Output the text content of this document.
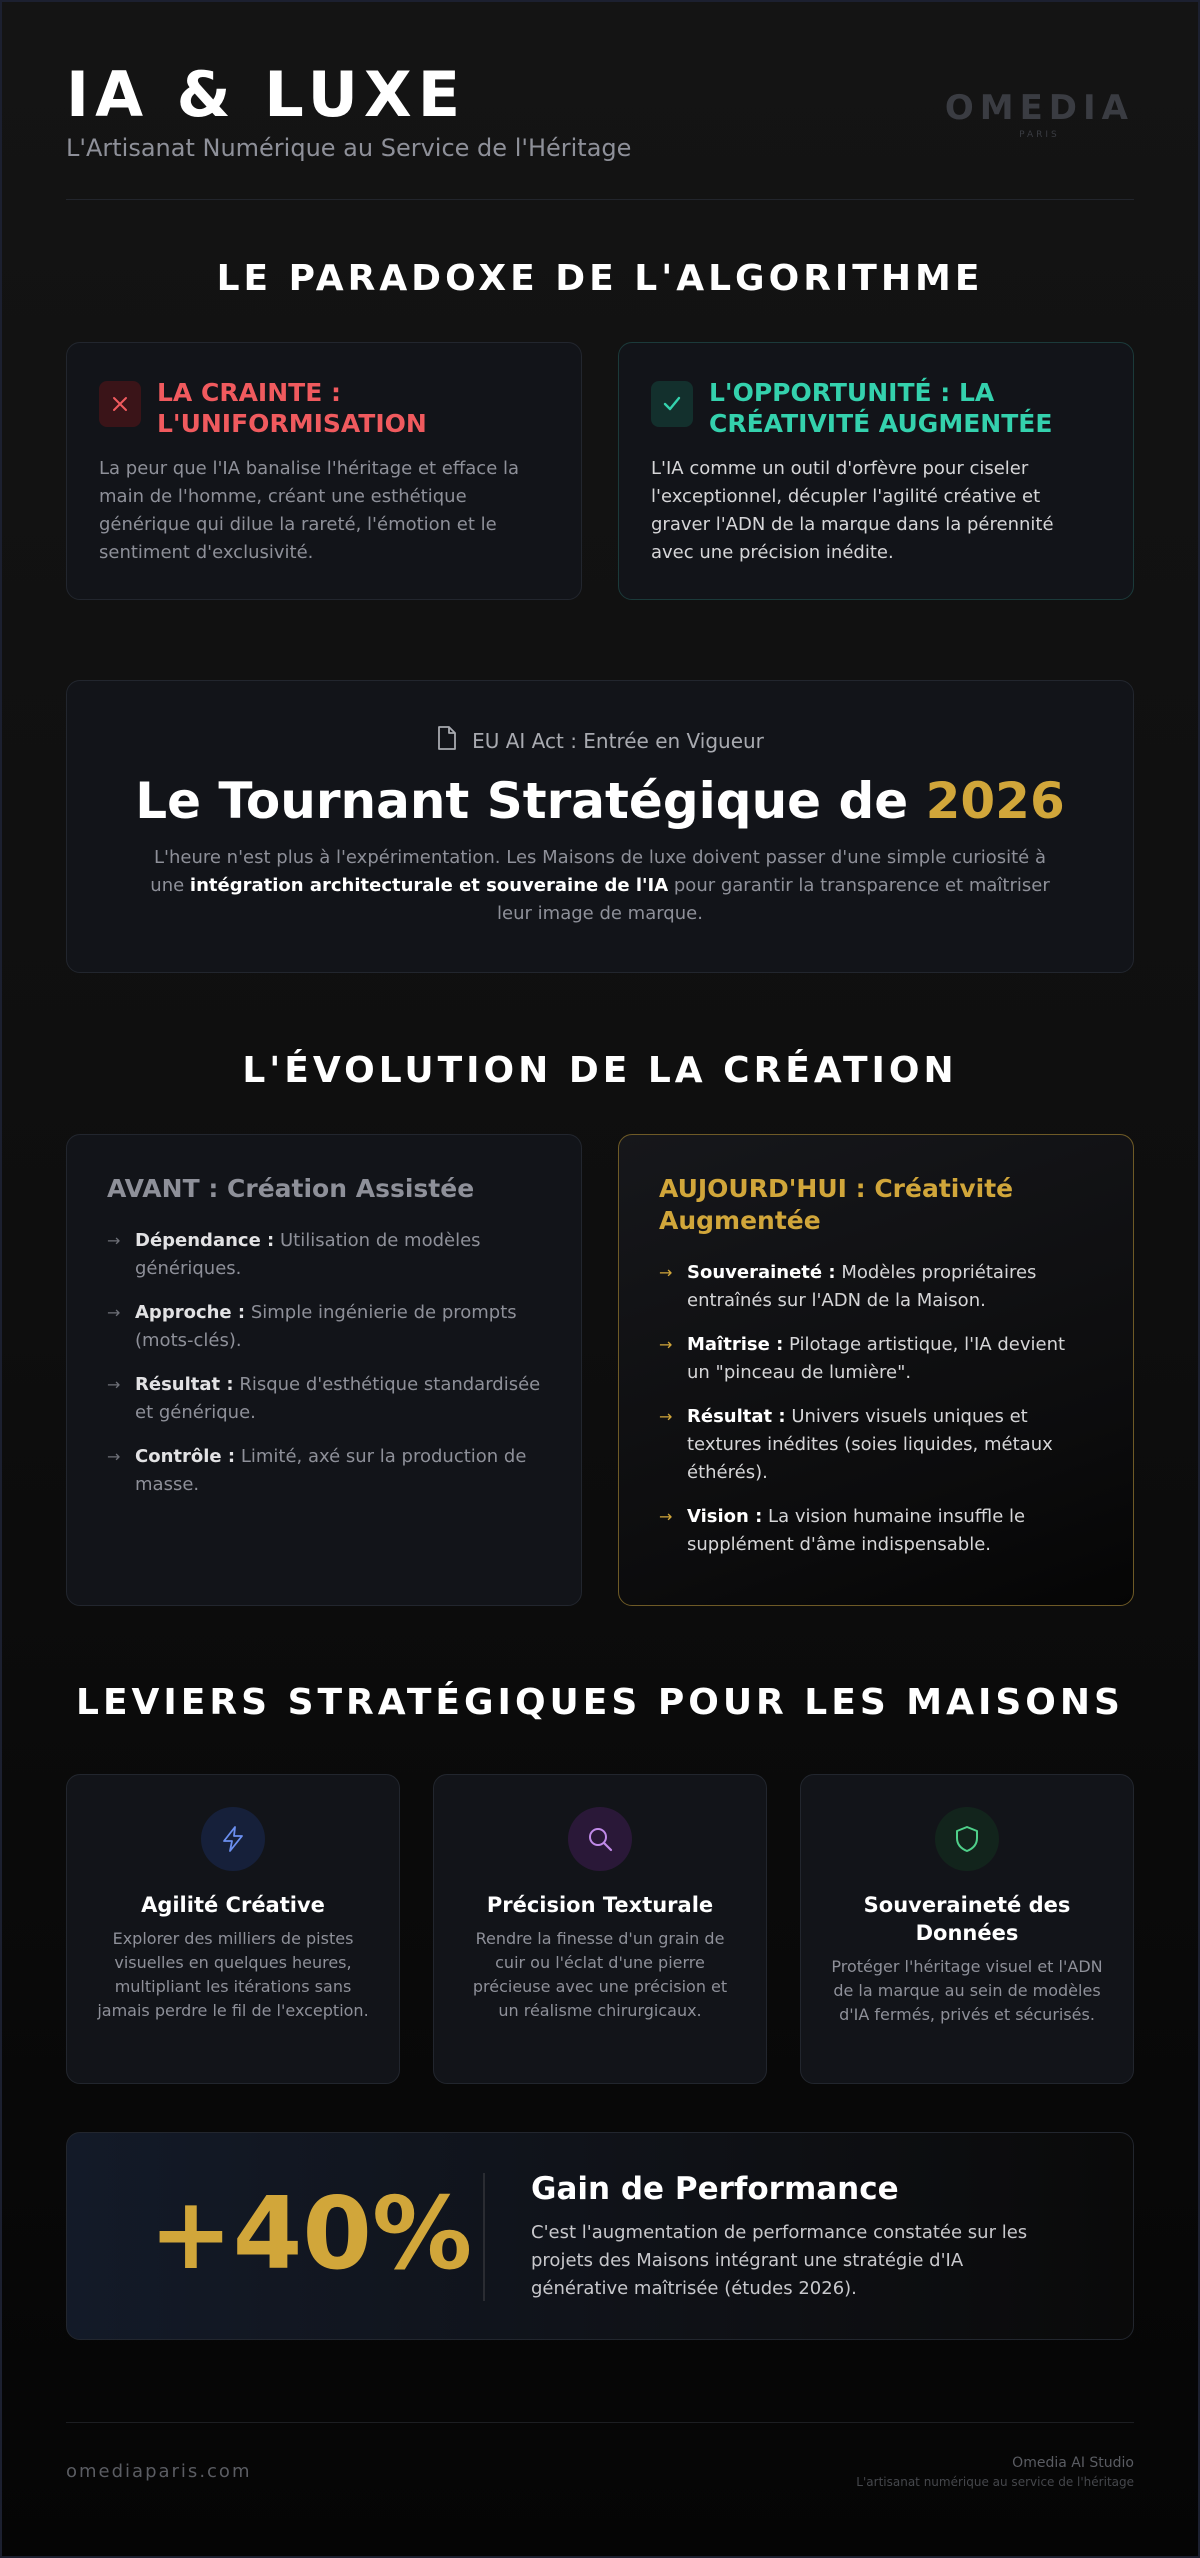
IA & LUXE
L'Artisanat Numérique au Service de l'Héritage
OMEDIA
PARIS
LE PARADOXE DE L'ALGORITHME
LA CRAINTE : L'UNIFORMISATION

La peur que l'IA banalise l'héritage et efface la main de l'homme, créant une esthétique générique qui dilue la rareté, l'émotion et le sentiment d'exclusivité.

L'OPPORTUNITÉ : LA CRÉATIVITÉ AUGMENTÉE

L'IA comme un outil d'orfèvre pour ciseler l'exceptionnel, décupler l'agilité créative et graver l'ADN de la marque dans la pérennité avec une précision inédite.

EU AI Act : Entrée en Vigueur
Le Tournant Stratégique de 2026

L'heure n'est plus à l'expérimentation. Les Maisons de luxe doivent passer d'une simple curiosité à une intégration architecturale et souveraine de l'IA pour garantir la transparence et maîtriser leur image de marque.

L'ÉVOLUTION DE LA CRÉATION
AVANT : Création Assistée
→ Dépendance : Utilisation de modèles génériques.
→ Approche : Simple ingénierie de prompts (mots-clés).
→ Résultat : Risque d'esthétique standardisée et générique.
→ Contrôle : Limité, axé sur la production de masse.
AUJOURD'HUI : Créativité Augmentée
→ Souveraineté : Modèles propriétaires entraînés sur l'ADN de la Maison.
→ Maîtrise : Pilotage artistique, l'IA devient un "pinceau de lumière".
→ Résultat : Univers visuels uniques et textures inédites (soies liquides, métaux éthérés).
→ Vision : La vision humaine insuffle le supplément d'âme indispensable.
LEVIERS STRATÉGIQUES POUR LES MAISONS
Agilité Créative

Explorer des milliers de pistes visuelles en quelques heures, multipliant les itérations sans jamais perdre le fil de l'exception.

Précision Texturale

Rendre la finesse d'un grain de cuir ou l'éclat d'une pierre précieuse avec une précision et un réalisme chirurgicaux.

Souveraineté des Données

Protéger l'héritage visuel et l'ADN de la marque au sein de modèles d'IA fermés, privés et sécurisés.

+40% Gain de Performance

C'est l'augmentation de performance constatée sur les projets des Maisons intégrant une stratégie d'IA générative maîtrisée (études 2026).

omediaparis.com	Omedia AI Studio
L'artisanat numérique au service de l'héritage
